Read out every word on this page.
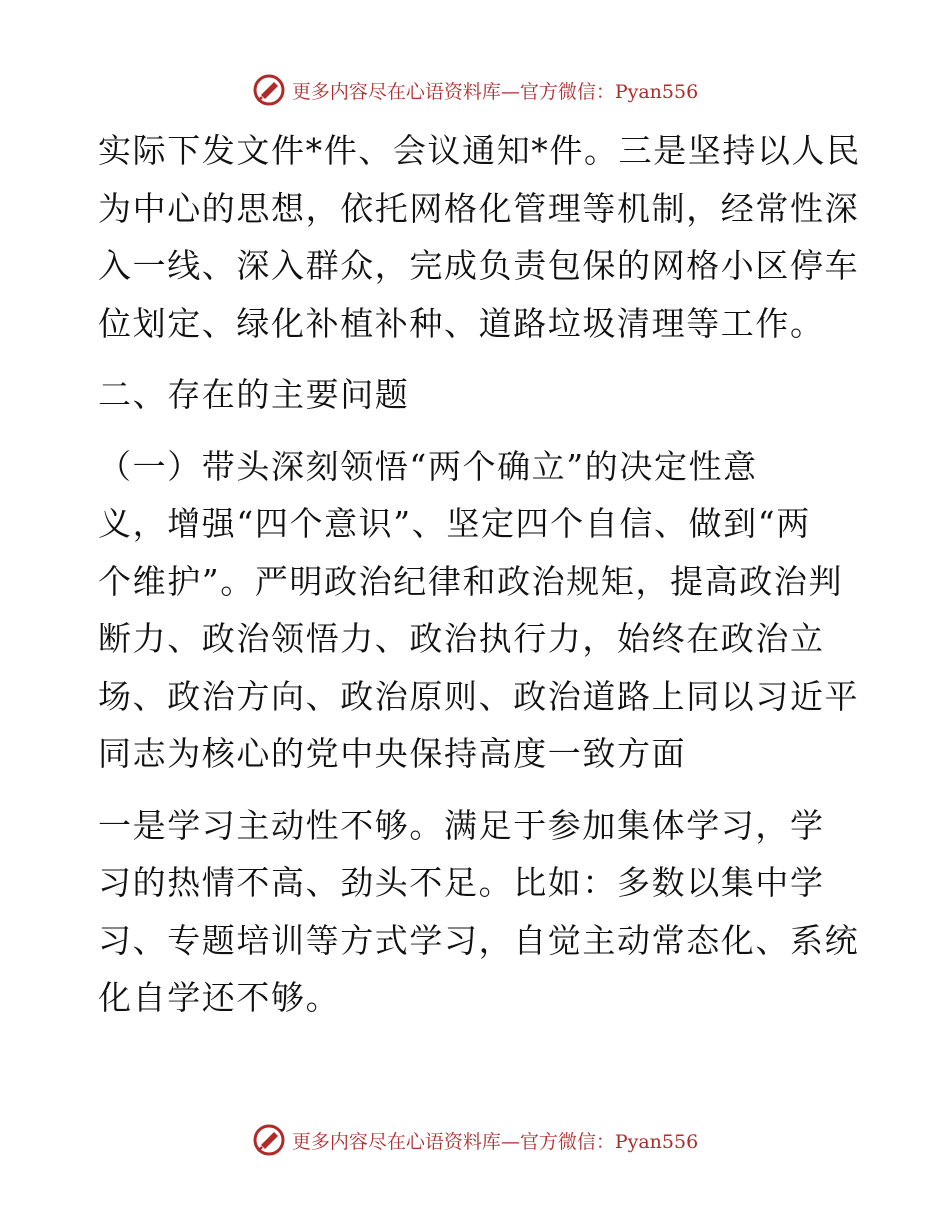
更多内容尽在心语资料库—官方微信：Pyan556
实际下发文件*件、会议通知*件。三是坚持以人民
为中心的思想，依托网格化管理等机制，经常性深
入一线、深入群众，完成负责包保的网格小区停车
位划定、绿化补植补种、道路垃圾清理等工作。
二、存在的主要问题
（一）带头深刻领悟“两个确立”的决定性意
义，增强“四个意识”、坚定四个自信、做到“两
个维护”。严明政治纪律和政治规矩，提高政治判
断力、政治领悟力、政治执行力，始终在政治立
场、政治方向、政治原则、政治道路上同以习近平
同志为核心的党中央保持高度一致方面
一是学习主动性不够。满足于参加集体学习，学
习的热情不高、劲头不足。比如：多数以集中学
习、专题培训等方式学习，自觉主动常态化、系统
化自学还不够。
更多内容尽在心语资料库—官方微信：Pyan556
